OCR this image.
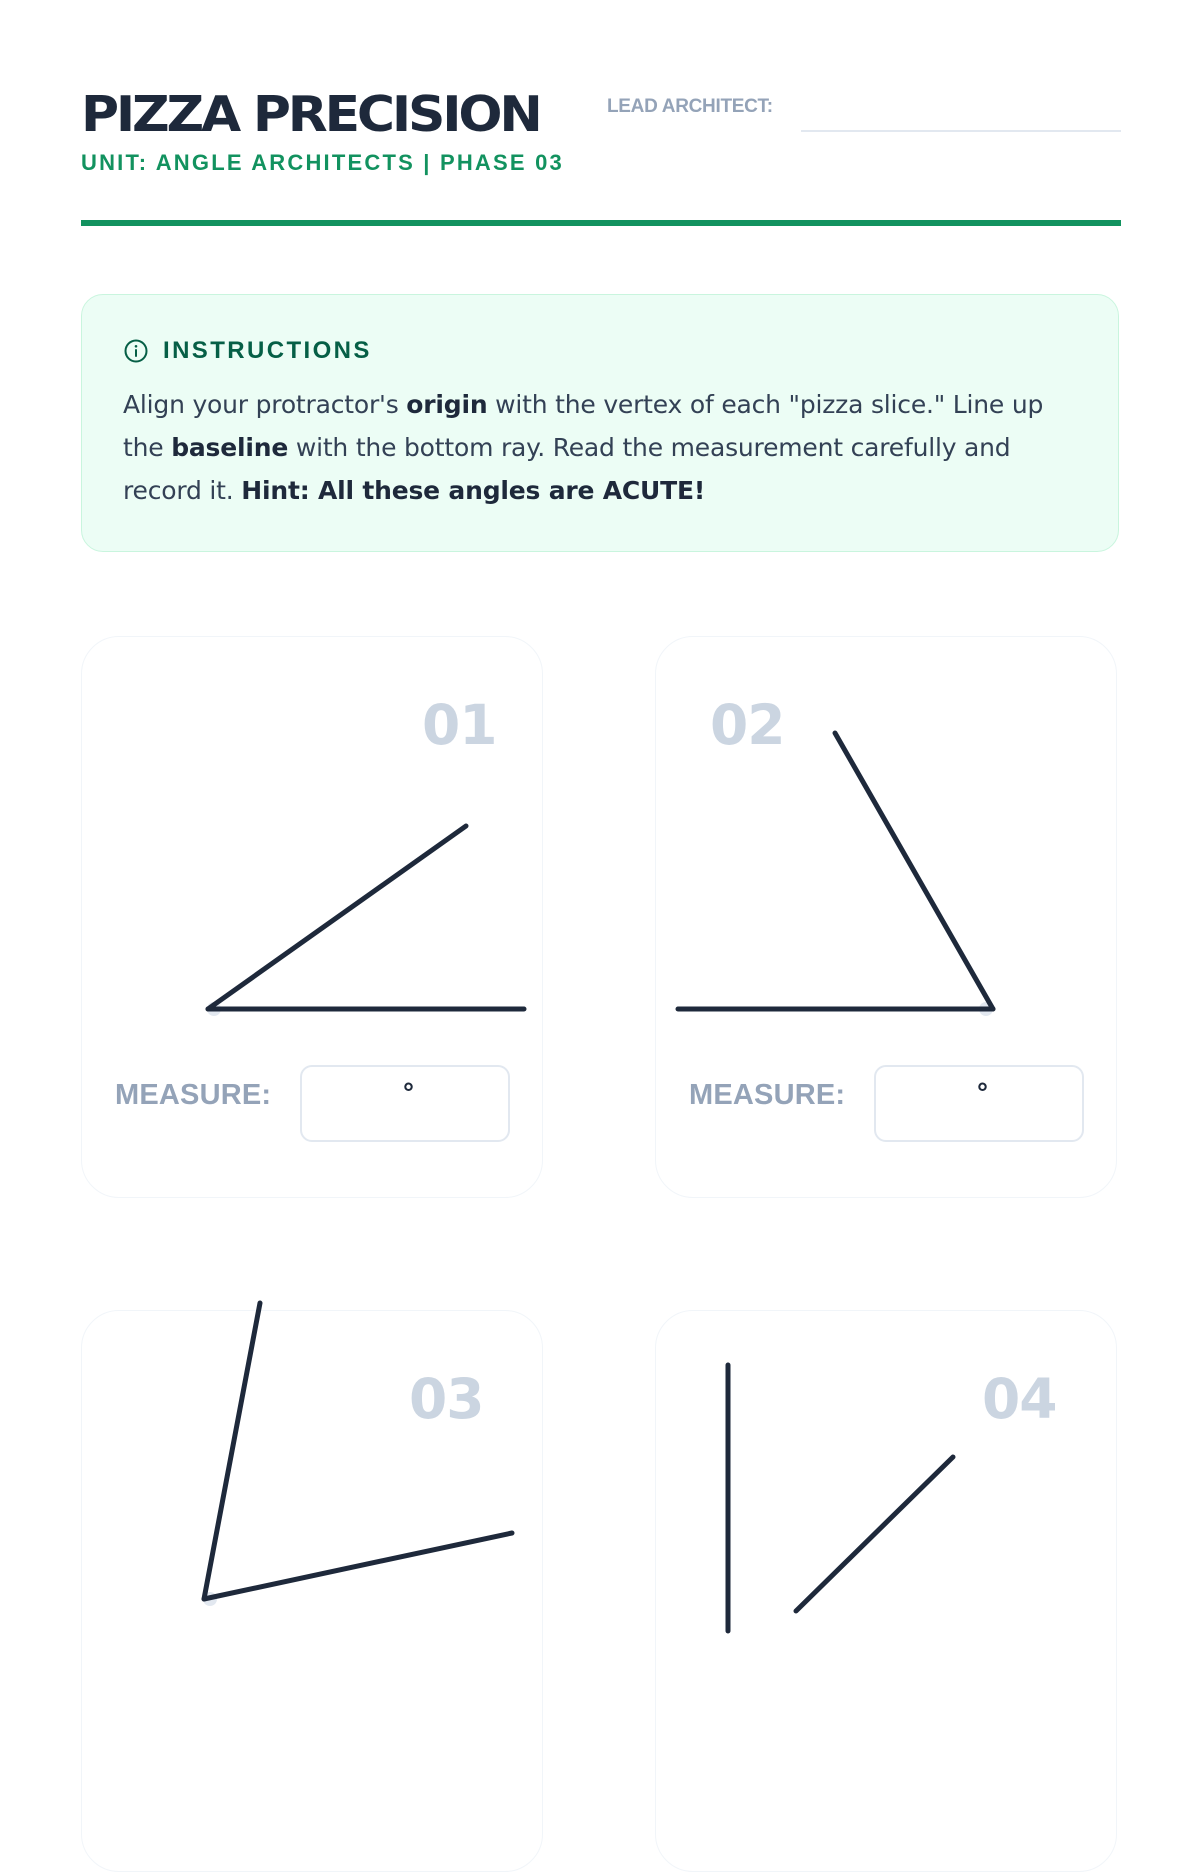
PIZZA PRECISION
UNIT: ANGLE ARCHITECTS | PHASE 03
LEAD ARCHITECT:
INSTRUCTIONS
Align your protractor's origin with the vertex of each "pizza slice." Line up the baseline with the bottom ray. Read the measurement carefully and record it. Hint: All these angles are ACUTE!
01
MEASURE:	°
02
MEASURE:	°
03	04
